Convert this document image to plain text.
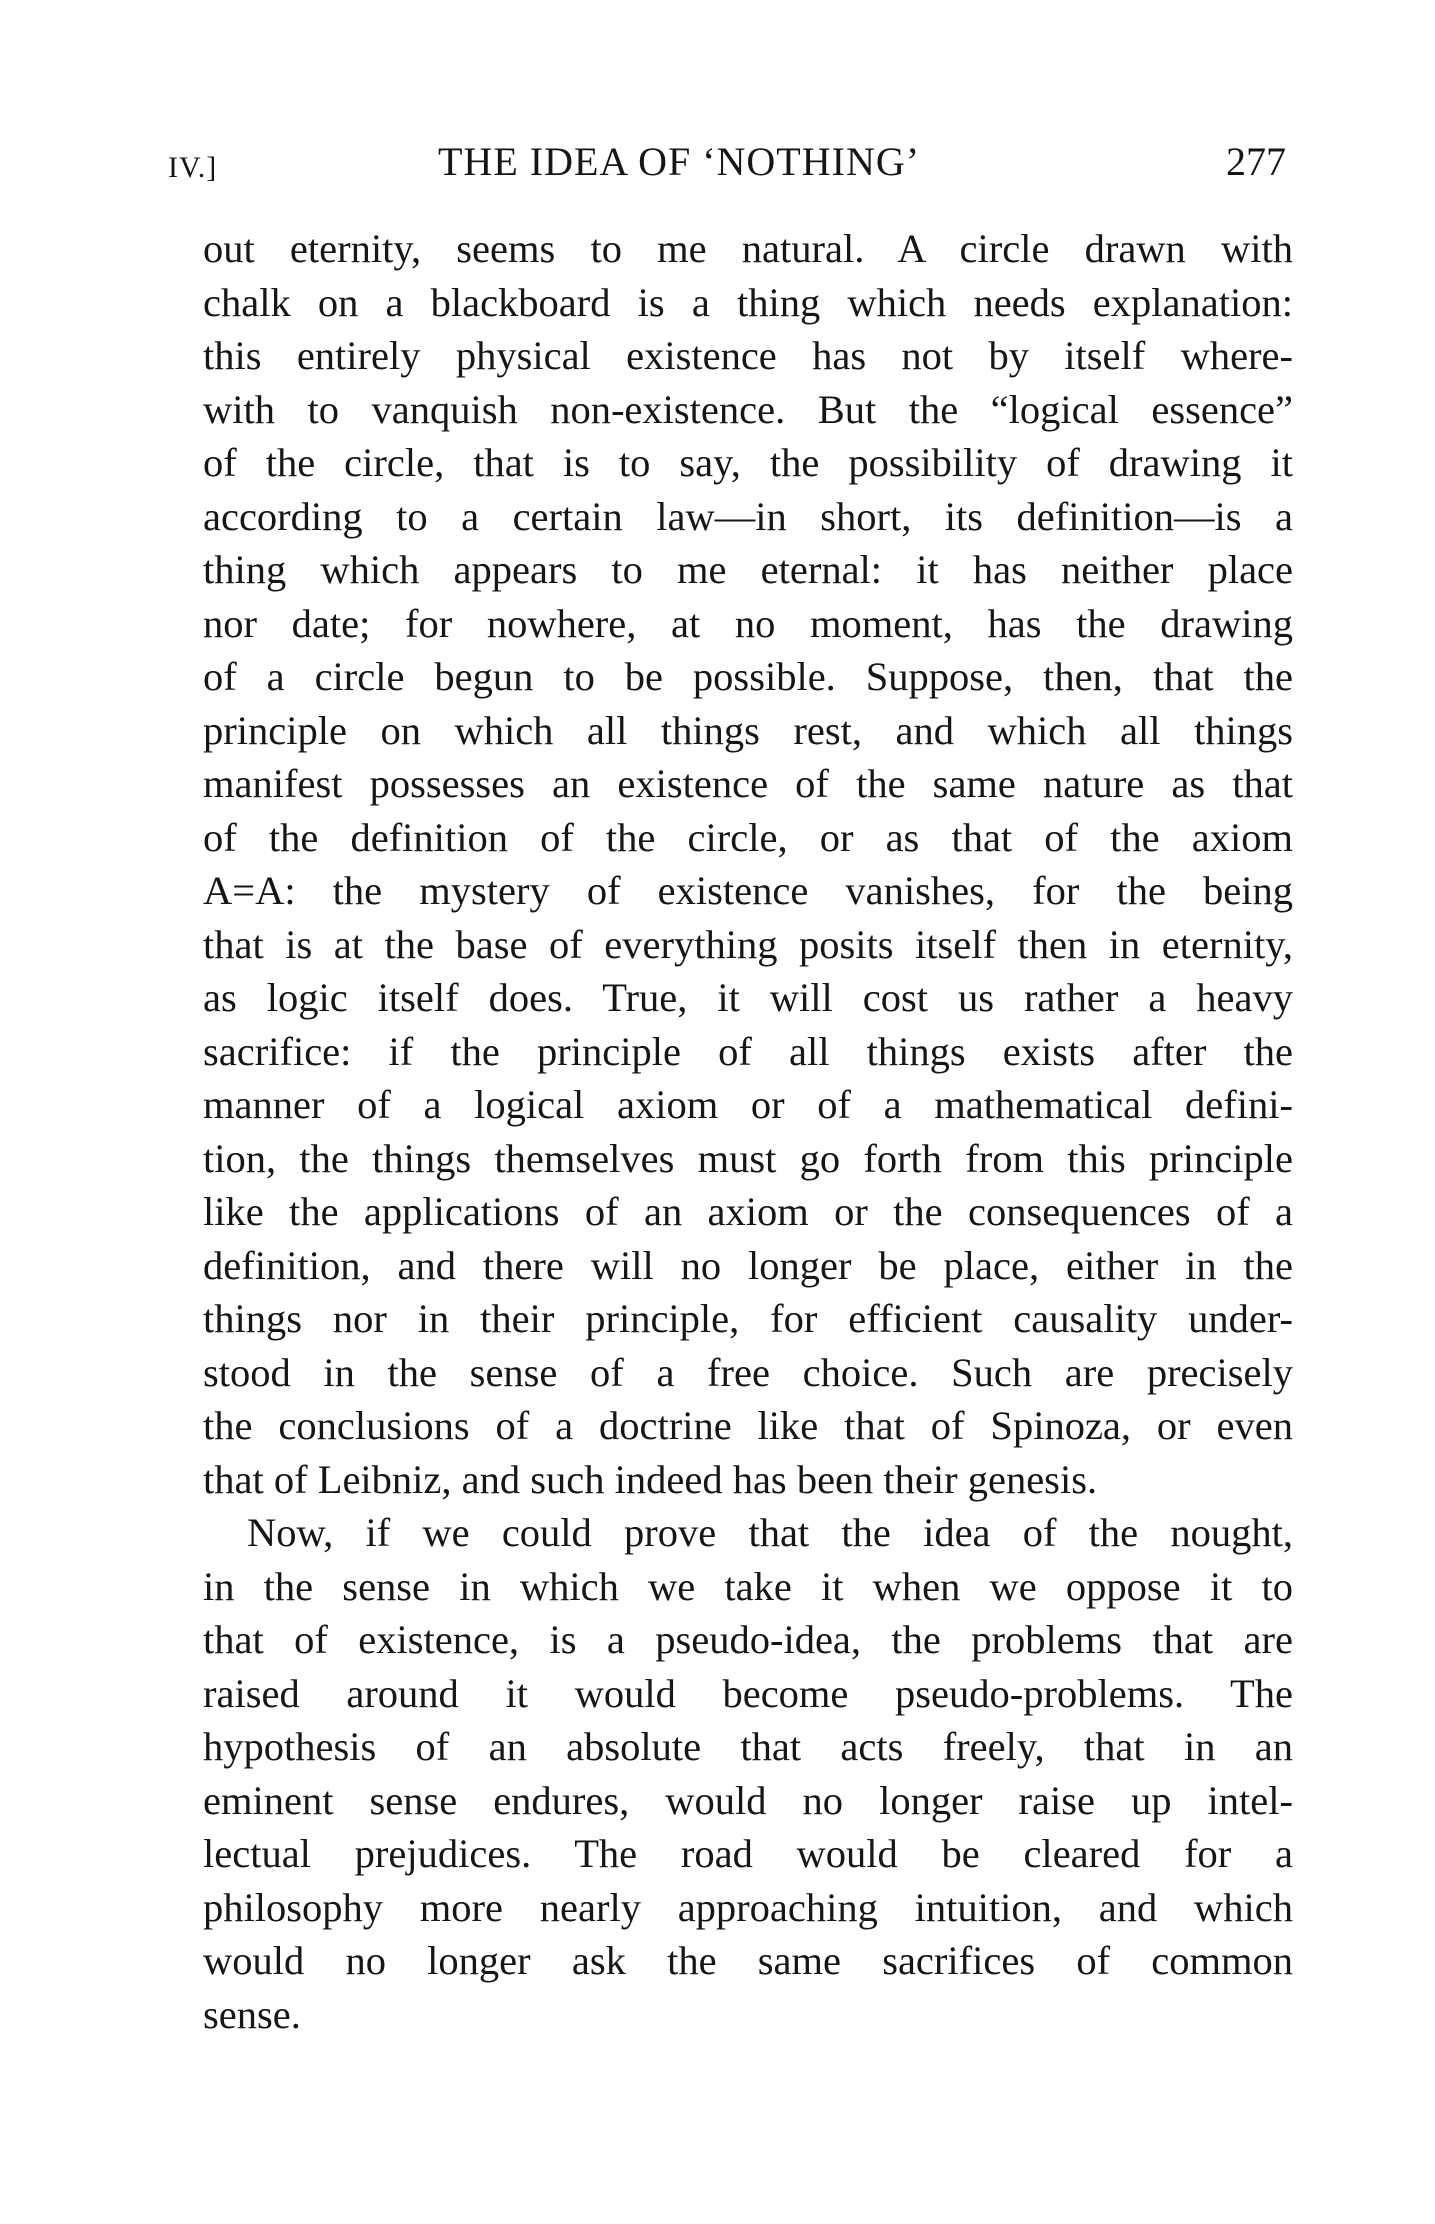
IV.]	THE IDEA OF ‘NOTHING’	277
out eternity, seems to me natural. A circle drawn with
chalk on a blackboard is a thing which needs explanation:
this entirely physical existence has not by itself where-
with to vanquish non-existence. But the “logical essence”
of the circle, that is to say, the possibility of drawing it
according to a certain law—in short, its definition—is a
thing which appears to me eternal: it has neither place
nor date; for nowhere, at no moment, has the drawing
of a circle begun to be possible. Suppose, then, that the
principle on which all things rest, and which all things
manifest possesses an existence of the same nature as that
of the definition of the circle, or as that of the axiom
A=A: the mystery of existence vanishes, for the being
that is at the base of everything posits itself then in eternity,
as logic itself does. True, it will cost us rather a heavy
sacrifice: if the principle of all things exists after the
manner of a logical axiom or of a mathematical defini-
tion, the things themselves must go forth from this principle
like the applications of an axiom or the consequences of a
definition, and there will no longer be place, either in the
things nor in their principle, for efficient causality under-
stood in the sense of a free choice. Such are precisely
the conclusions of a doctrine like that of Spinoza, or even
that of Leibniz, and such indeed has been their genesis.
Now, if we could prove that the idea of the nought,
in the sense in which we take it when we oppose it to
that of existence, is a pseudo-idea, the problems that are
raised around it would become pseudo-problems. The
hypothesis of an absolute that acts freely, that in an
eminent sense endures, would no longer raise up intel-
lectual prejudices. The road would be cleared for a
philosophy more nearly approaching intuition, and which
would no longer ask the same sacrifices of common
sense.
